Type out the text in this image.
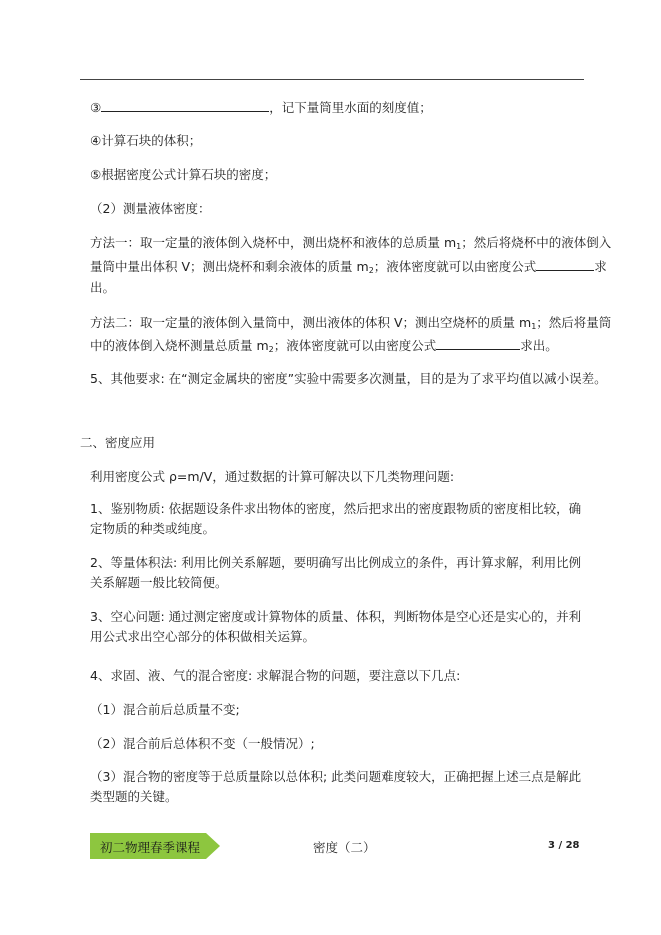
③	，记下量筒里水面的刻度值；
④计算石块的体积；
⑤根据密度公式计算石块的密度；
（2）测量液体密度：
方法一：取一定量的液体倒入烧杯中，测出烧杯和液体的总质量 $m_1$；然后将烧杯中的液体倒入
量筒中量出体积 V；测出烧杯和剩余液体的质量 $m_2$；液体密度就可以由密度公式	求
出。
方法二：取一定量的液体倒入量筒中，测出液体的体积 V；测出空烧杯的质量 $m_1$；然后将量筒
中的液体倒入烧杯测量总质量 $m_2$；液体密度就可以由密度公式	求出。
5、其他要求: 在“测定金属块的密度”实验中需要多次测量，目的是为了求平均值以减小误差。
二、密度应用
利用密度公式 ρ=m/V，通过数据的计算可解决以下几类物理问题:
1、鉴别物质: 依据题设条件求出物体的密度，然后把求出的密度跟物质的密度相比较，确定物质的种类或纯度。
2、等量体积法: 利用比例关系解题，要明确写出比例成立的条件，再计算求解，利用比例关系解题一般比较简便。
3、空心问题: 通过测定密度或计算物体的质量、体积，判断物体是空心还是实心的，并利用公式求出空心部分的体积做相关运算。
4、求固、液、气的混合密度: 求解混合物的问题，要注意以下几点:
（1）混合前后总质量不变;
（2）混合前后总体积不变（一般情况）;
（3）混合物的密度等于总质量除以总体积; 此类问题难度较大，正确把握上述三点是解此类型题的关键。
初二物理春季课程	密度（二）	3 / 28
